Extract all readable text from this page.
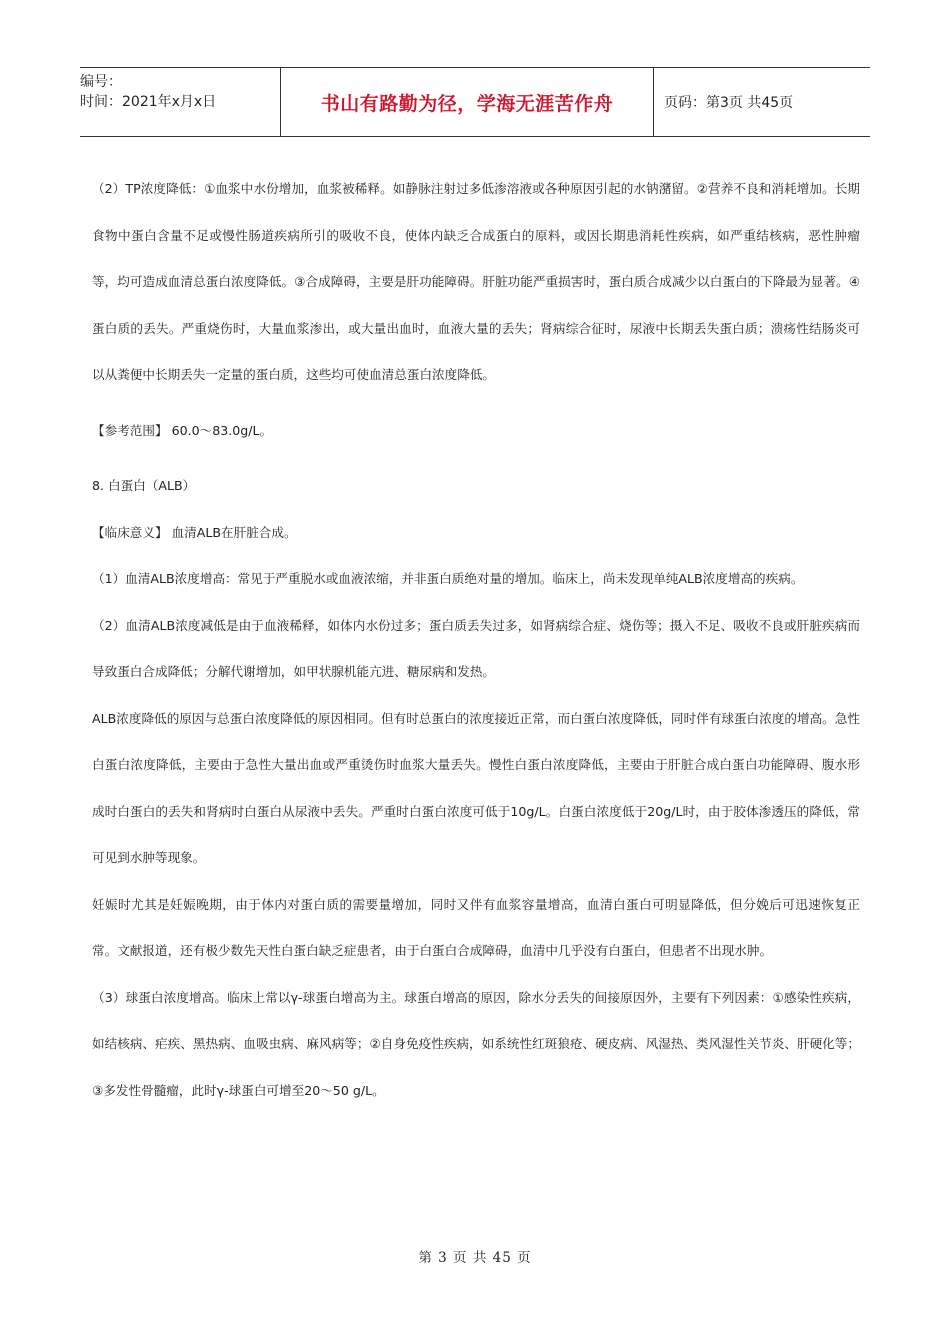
编号：
时间：2021年x月x日	书山有路勤为径，学海无涯苦作舟	页码：第3页 共45页

（2）TP浓度降低：①血浆中水份增加，血浆被稀释。如静脉注射过多低渗溶液或各种原因引起的水钠潴留。②营养不良和消耗增加。长期食物中蛋白含量不足或慢性肠道疾病所引的吸收不良，使体内缺乏合成蛋白的原料，或因长期患消耗性疾病，如严重结核病，恶性肿瘤等，均可造成血清总蛋白浓度降低。③合成障碍，主要是肝功能障碍。肝脏功能严重损害时，蛋白质合成减少以白蛋白的下降最为显著。④蛋白质的丢失。严重烧伤时，大量血浆渗出，或大量出血时，血液大量的丢失；肾病综合征时，尿液中长期丢失蛋白质；溃疡性结肠炎可以从粪便中长期丢失一定量的蛋白质，这些均可使血清总蛋白浓度降低。

【参考范围】 60.0～83.0g/L。

8. 白蛋白（ALB）

【临床意义】 血清ALB在肝脏合成。

（1）血清ALB浓度增高：常见于严重脱水或血液浓缩，并非蛋白质绝对量的增加。临床上，尚未发现单纯ALB浓度增高的疾病。

（2）血清ALB浓度减低是由于血液稀释，如体内水份过多；蛋白质丢失过多，如肾病综合症、烧伤等；摄入不足、吸收不良或肝脏疾病而导致蛋白合成降低；分解代谢增加，如甲状腺机能亢进、糖尿病和发热。

ALB浓度降低的原因与总蛋白浓度降低的原因相同。但有时总蛋白的浓度接近正常，而白蛋白浓度降低，同时伴有球蛋白浓度的增高。急性白蛋白浓度降低，主要由于急性大量出血或严重烫伤时血浆大量丢失。慢性白蛋白浓度降低，主要由于肝脏合成白蛋白功能障碍、腹水形成时白蛋白的丢失和肾病时白蛋白从尿液中丢失。严重时白蛋白浓度可低于10g/L。白蛋白浓度低于20g/L时，由于胶体渗透压的降低，常可见到水肿等现象。

妊娠时尤其是妊娠晚期，由于体内对蛋白质的需要量增加，同时又伴有血浆容量增高，血清白蛋白可明显降低，但分娩后可迅速恢复正常。文献报道，还有极少数先天性白蛋白缺乏症患者，由于白蛋白合成障碍，血清中几乎没有白蛋白，但患者不出现水肿。

（3）球蛋白浓度增高。临床上常以γ-球蛋白增高为主。球蛋白增高的原因，除水分丢失的间接原因外，主要有下列因素：①感染性疾病，如结核病、疟疾、黑热病、血吸虫病、麻风病等；②自身免疫性疾病，如系统性红斑狼疮、硬皮病、风湿热、类风湿性关节炎、肝硬化等；③多发性骨髓瘤，此时γ-球蛋白可增至20～50 g/L。

第 3 页 共 45 页
